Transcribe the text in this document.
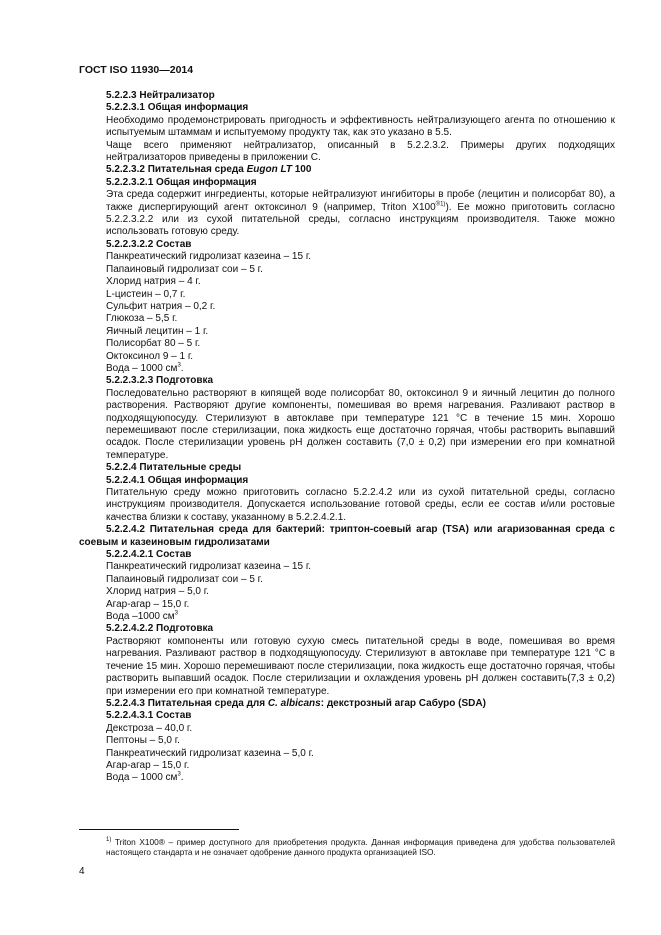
ГОСТ ISO 11930—2014

5.2.2.3 Нейтрализатор

5.2.2.3.1 Общая информация

Необходимо продемонстрировать пригодность и эффективность нейтрализующего агента по отношению к испытуемым штаммам и испытуемому продукту так, как это указано в 5.5.

Чаще всего применяют нейтрализатор, описанный в 5.2.2.3.2. Примеры других подходящих нейтрализаторов приведены в приложении С.

5.2.2.3.2 Питательная среда Eugon LT 100

5.2.2.3.2.1 Общая информация

Эта среда содержит ингредиенты, которые нейтрализуют ингибиторы в пробе (лецитин и полисорбат 80), а также диспергирующий агент октоксинол 9 (например, Triton $X100^{®1)}$). Ее можно приготовить согласно 5.2.2.3.2.2 или из сухой питательной среды, согласно инструкциям производителя. Также можно использовать готовую среду.

5.2.2.3.2.2 Состав

Панкреатический гидролизат казеина – 15 г.

Папаиновый гидролизат сои – 5 г.

Хлорид натрия – 4 г.

L-цистеин – 0,7 г.

Сульфит натрия – 0,2 г.

Глюкоза – 5,5 г.

Яичный лецитин – 1 г.

Полисорбат 80 – 5 г.

Октоксинол 9 – 1 г.

Вода – 1000 $см^3$.

5.2.2.3.2.3 Подготовка

Последовательно растворяют в кипящей воде полисорбат 80, октоксинол 9 и яичный лецитин до полного растворения. Растворяют другие компоненты, помешивая во время нагревания. Разливают раствор в подходящуюпосуду. Стерилизуют в автоклаве при температуре 121 °С в течение 15 мин. Хорошо перемешивают после стерилизации, пока жидкость еще достаточно горячая, чтобы растворить выпавший осадок. После стерилизации уровень рН должен составить (7,0 ± 0,2) при измерении его при комнатной температуре.

5.2.2.4 Питательные среды

5.2.2.4.1 Общая информация

Питательную среду можно приготовить согласно 5.2.2.4.2 или из сухой питательной среды, согласно инструкциям производителя. Допускается использование готовой среды, если ее состав и/или ростовые качества близки к составу, указанному в 5.2.2.4.2.1.

5.2.2.4.2 Питательная среда для бактерий: триптон-соевый агар (TSA) или агаризованная среда с соевым и казеиновым гидролизатами

5.2.2.4.2.1 Состав

Панкреатический гидролизат казеина – 15 г.

Папаиновый гидролизат сои – 5 г.

Хлорид натрия – 5,0 г.

Агар-агар – 15,0 г.

Вода –1000 $см^3$

5.2.2.4.2.2 Подготовка

Растворяют компоненты или готовую сухую смесь питательной среды в воде, помешивая во время нагревания. Разливают раствор в подходящуюпосуду. Стерилизуют в автоклаве при температуре 121 °С в течение 15 мин. Хорошо перемешивают после стерилизации, пока жидкость еще достаточно горячая, чтобы растворить выпавший осадок. После стерилизации и охлаждения уровень рН должен составить(7,3 ± 0,2) при измерении его при комнатной температуре.

5.2.2.4.3 Питательная среда для C. albicans: декстрозный агар Сабуро (SDA)

5.2.2.4.3.1 Состав

Декстроза – 40,0 г.

Пептоны – 5,0 г.

Панкреатический гидролизат казеина – 5,0 г.

Агар-агар – 15,0 г.

Вода – 1000 $см^3$.

$^{1)}$ Triton X100® – пример доступного для приобретения продукта. Данная информация приведена для удобства пользователей настоящего стандарта и не означает одобрение данного продукта организацией ISO.

4
